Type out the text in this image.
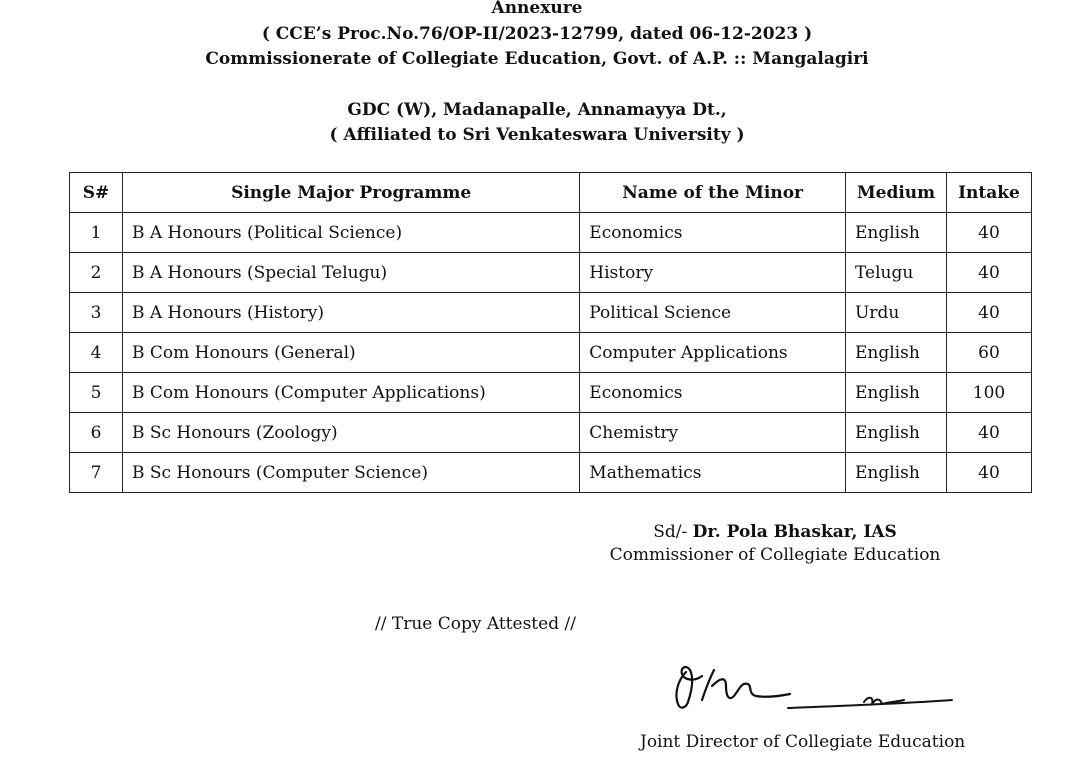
Annexure
( CCE’s Proc.No.76/OP-II/2023-12799, dated 06-12-2023 )
Commissionerate of Collegiate Education, Govt. of A.P. :: Mangalagiri
GDC (W), Madanapalle, Annamayya Dt.,
( Affiliated to Sri Venkateswara University )
S#	Single Major Programme	Name of the Minor	Medium	Intake
1	B A Honours (Political Science)	Economics	English	40
2	B A Honours (Special Telugu)	History	Telugu	40
3	B A Honours (History)	Political Science	Urdu	40
4	B Com Honours (General)	Computer Applications	English	60
5	B Com Honours (Computer Applications)	Economics	English	100
6	B Sc Honours (Zoology)	Chemistry	English	40
7	B Sc Honours (Computer Science)	Mathematics	English	40
Sd/- Dr. Pola Bhaskar, IAS
Commissioner of Collegiate Education
// True Copy Attested //
Joint Director of Collegiate Education
